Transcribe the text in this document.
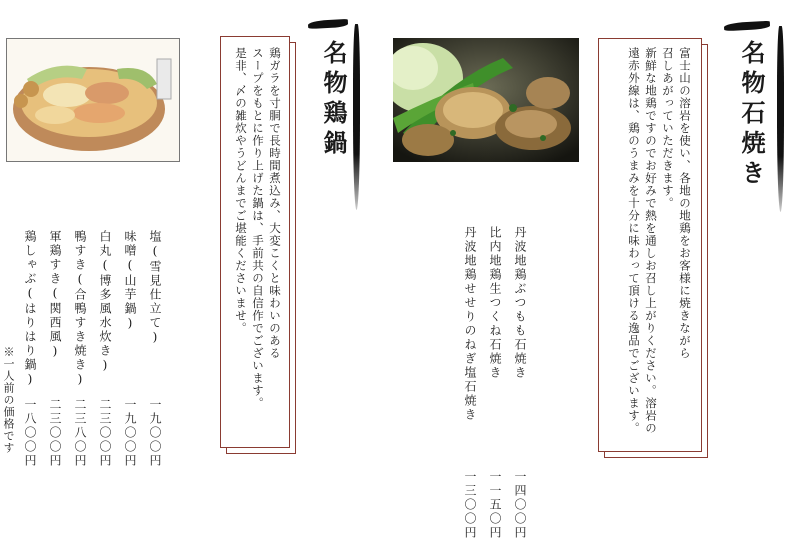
名物石焼き
富士山の溶岩を使い、各地の地鶏をお客様に焼きながら
召しあがっていただきます。
新鮮な地鶏ですのでお好みで熱を通しお召し上がりください。溶岩の
遠赤外線は、鶏のうまみを十分に味わって頂ける逸品でございます。
丹波地鶏ぶつもも石焼き
比内地鶏生つくね石焼き
丹波地鶏せせりのねぎ塩石焼き
一四〇〇円
一一五〇円
一三〇〇円
名物鶏鍋
鶏ガラを寸胴で長時間煮込み、大変こくと味わいのある
スープをもとに作り上げた鍋は、手前共の自信作でございます。
是非、〆の雑炊やうどんまでご堪能くださいませ。
塩(雪見仕立て)
味噌(山芋鍋)
白丸(博多風水炊き)
鴨すき(合鴨すき焼き)
軍鶏すき(関西風)
鶏しゃぶ(はりはり鍋)
一九〇〇円
一九〇〇円
二三〇〇円
二三八〇円
二三〇〇円
一八〇〇円
※一人前の価格です
